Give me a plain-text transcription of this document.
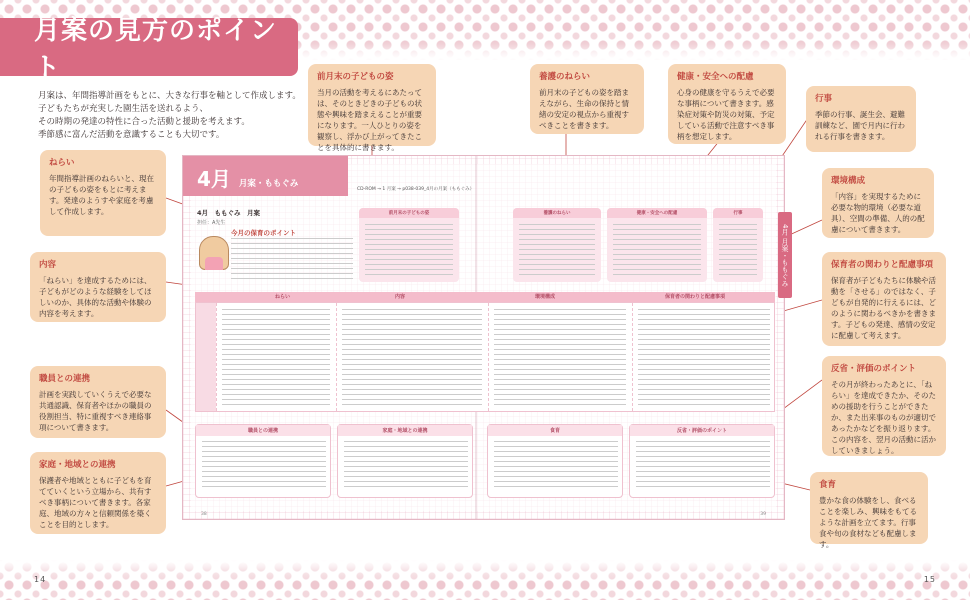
月案の見方のポイント

月案は、年間指導計画をもとに、大きな行事を軸として作成します。

子どもたちが充実した園生活を送れるよう、

その時期の発達の特性に合った活動と援助を考えます。

季節感に富んだ活動を意識することも大切です。

4月 月案・ももぐみ
4月 月案・ももぐみ
4月　ももぐみ　月案
担任：A先生
CD-ROM → 1 月案 → p038-039_4月の月案（ももぐみ）
今月の保育のポイント
前月末の子どもの姿	養護のねらい	健康・安全への配慮	行事
ねらい	内容	環境構成	保育者の関わりと配慮事項
職員との連携	家庭・地域との連携	食育	反省・評価のポイント
38	39
ねらい
年間指導計画のねらいと、現在の子どもの姿をもとに考えます。発達のようすや家庭を考慮して作成します。
内容
「ねらい」を達成するためには、子どもがどのような経験をしてほしいのか、具体的な活動や体験の内容を考えます。
職員との連携
計画を実践していくうえで必要な共通認識、保育者やほかの職員の役割担当、特に重視すべき連絡事項について書きます。
家庭・地域との連携
保護者や地域とともに子どもを育てていくという立場から、共有すべき事柄について書きます。各家庭、地域の方々と信頼関係を築くことを目的とします。
前月末の子どもの姿
当月の活動を考えるにあたっては、そのときどきの子どもの状態や興味を踏まえることが重要になります。一人ひとりの姿を観察し、浮かび上がってきたことを具体的に書きます。
養護のねらい
前月末の子どもの姿を踏まえながら、生命の保持と情緒の安定の視点から重視すべきことを書きます。
健康・安全への配慮
心身の健康を守るうえで必要な事柄について書きます。感染症対策や防災の対策、予定している活動で注意すべき事柄を想定します。
行事
季節の行事、誕生会、避難訓練など、園で月内に行われる行事を書きます。
環境構成
「内容」を実現するために必要な物的環境（必要な道具）、空間の準備、人的の配慮について書きます。
保育者の関わりと配慮事項
保育者が子どもたちに体験や活動を「させる」のではなく、子どもが自発的に行えるには、どのように関わるべきかを書きます。子どもの発達、感情の安定に配慮して考えます。
反省・評価のポイント
その月が終わったあとに、「ねらい」を達成できたか、そのための援助を行うことができたか、また出来事のものが適切であったかなどを振り返ります。この内容を、翌月の活動に活かしていきましょう。
食育
豊かな食の体験をし、食べることを楽しみ、興味をもてるような計画を立てます。行事食や旬の食材なども配慮します。
14	15
